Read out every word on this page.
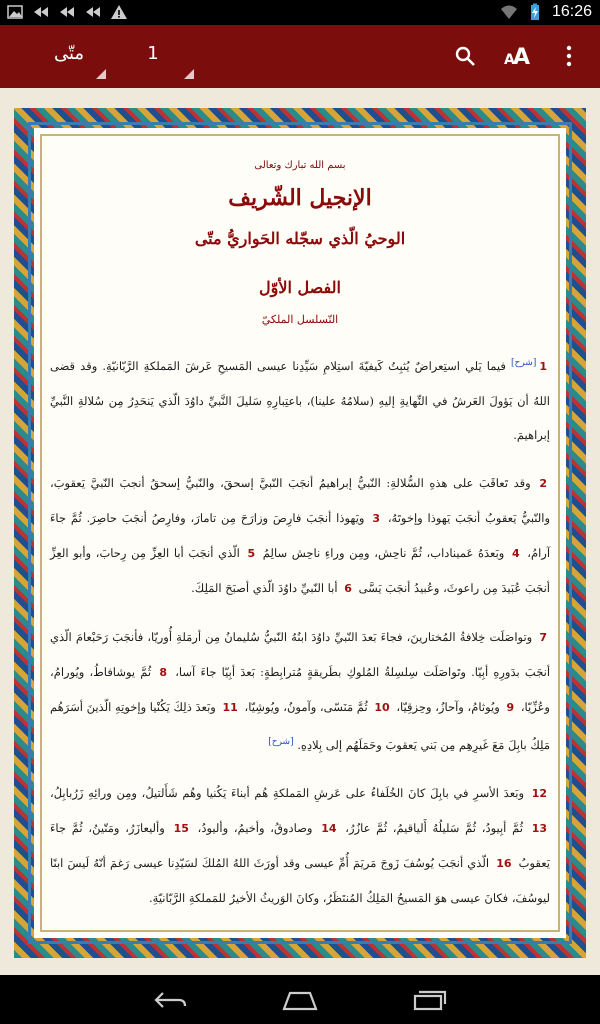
16:26
متّى	1	A
A
بسم الله تبارك وتعالى
الإنجيل الشّريف
الوحيُ الّذي سجّله الحَواريُّ متّى
الفصل الأوّل
التّسلسل الملكيّ

1[شرح] فيما يَلي استِعراضٌ يُثبِتُ كَيفيّةَ استِلامِ سَيِّدِنا عيسى المَسيحِ عَرشَ المَملكةِ الرَّبّانيّةِ. وقد قضى اللهُ أن يَؤولَ العَرشُ في النِّهايةِ إليهِ (سلامُهُ علينا)، باعتِبارِهِ سَليلَ النَّبيِّ داوُدَ الّذي يَنحَدِرُ مِن سُلالةِ النَّبيِّ إبراهيمَ.

2 وقد تَعاقَبَ على هذهِ السُّلالةِ: النّبيُّ إبراهيمُ أنجَبَ النّبيَّ إسحقَ، والنّبيُّ إسحقُ أنجبَ النّبيَّ يَعقوبَ، والنّبيُّ يَعقوبُ أنجَبَ يَهوذا وإخوتَهُ، 3 ويَهوذا أنجَبَ فارِصَ وزارَحَ مِن تامارَ، وفارِصُ أنجَبَ حاصِرَ. ثُمَّ جاءَ آرامُ، 4 وبَعدَهُ عَميناداب، ثُمَّ ناحِش، ومِن وراءِ ناحِش سالِمُ 5 الّذي أنجَبَ أبا العِزِّ مِن رِحابَ، وأبو العِزِّ أنجَبَ عُبَيدَ مِن راعوثَ، وعُبيدُ أنجَبَ يَسَّى 6 أبا النّبيِّ داوُدَ الّذي أصبَحَ المَلِكَ.

7 وتواصَلَت خِلافةُ المُختارينَ، فجاءَ بَعدَ النّبيِّ داوُدَ ابنُهُ النّبيُّ سُليمانُ مِن أرمَلةِ أُوريّا، فأنجَبَ رَحَبْعامَ الّذي أنجَبَ بدَورِهِ أبِيّا. وتَواصَلَت سِلسِلةُ المُلوكِ بطَريقةٍ مُترابِطةٍ: بَعدَ أبِيّا جاءَ آسا، 8 ثُمَّ يوشافاطُ، ويُورامُ، وعُزِّيّا، 9 ويُوثامُ، وآحازُ، وحِزقِيّا، 10 ثُمَّ مَنَسّى، وآمونُ، ويُوشِيّا، 11 وبَعدَ ذلِكَ يَكُنْيا وإخوتِهِ الّذينَ أسَرَهُم مَلِكُ بابِلَ مَعَ غَيرِهِم مِن بَني يَعقوبَ وحَمَلَهُم إلى بِلادِهِ. [شرح]

12 وبَعدَ الأسرِ في بابِلَ كانَ الخُلَفاءُ على عَرشِ المَملكةِ هُم أبناءَ يَكُنيا وهُم شَأَلتيلُ، ومِن ورائِهِ زَرُبابِلُ، 13 ثُمَّ أبِيودُ، ثُمَّ سَليلُهُ أَلياقيمُ، ثُمَّ عازُرُ، 14 وصادوقُ، وأخيمُ، وأليودُ، 15 وأليعازَرُ، ومَتّينُ، ثُمَّ جاءَ يَعقوبُ 16 الّذي أنجَبَ يُوسُفَ زَوجَ مَريَمَ أُمِّ عيسى وقد أورَثَ اللهُ المُلكَ لسَيّدِنا عيسى رَغمَ أنّهُ لَيسَ ابنًا ليوسُفَ، فكانَ عيسى هوَ المَسيحُ المَلِكُ المُنتَظَرُ، وكانَ الوَريثُ الأخيرُ للمَملكةِ الرَّبّانيّةِ.
